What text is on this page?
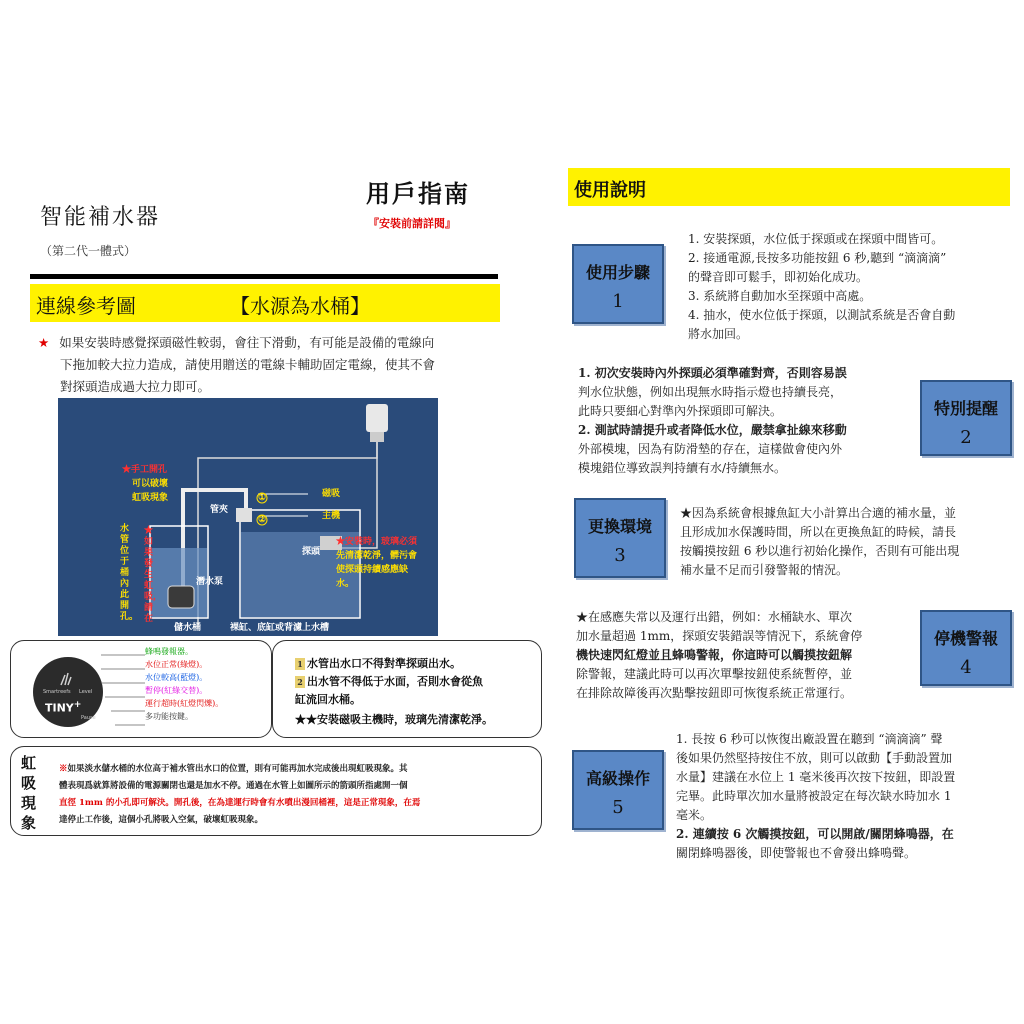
智能補水器
（第二代一體式）
用戶指南
『安裝前請詳閱』
連線參考圖	【水源為水桶】
★ 如果安裝時感覺探頭磁性較弱，會往下滑動，有可能是設備的電線向
下拖加較大拉力造成，請使用贈送的電線卡輔助固定電線，使其不會
對探頭造成過大拉力即可。
★手工開孔
可以破壞
虹吸現象
管夾
磁吸
主機
探頭
潛水泵
儲水桶	裸缸、底缸或背濾上水槽
水管位于桶內此開孔。
★如果發生虹吸，請在
★安裝時，玻璃必須
先清潔乾淨，髒污會
使探頭持續感應缺
水。
①
②
Smartreefs Level
TINY+
Pause
蜂鳴發報器。
水位正常(綠燈)。
水位較高(藍燈)。
暫停(紅綠交替)。
運行超時(紅燈閃爍)。
多功能按鍵。
1 水管出水口不得對準探頭出水。
2 出水管不得低于水面，否則水會從魚
缸流回水桶。
★★安裝磁吸主機時，玻璃先清潔乾淨。
虹
吸
現
象
※如果淡水儲水桶的水位高于補水管出水口的位置，則有可能再加水完成後出現虹吸現象。其
體表現爲就算將設備的電源關閉也還是加水不停。通過在水管上如圖所示的箭頭所指處開一個
直徑 1mm 的小孔即可解決。開孔後，在為達運行時會有水噴出漫回桶裡，這是正常現象，在焉
達停止工作後，這個小孔將吸入空氣，破壞虹吸現象。
使用說明
使用步驟
1
1. 安裝探頭，水位低于探頭或在探頭中間皆可。
2. 接通電源,長按多功能按鈕 6 秒,聽到 “滴滴滴”
的聲音即可鬆手，即初始化成功。
3. 系統將自動加水至探頭中高處。
4. 抽水，使水位低于探頭，以測試系統是否會自動
將水加回。
1. 初次安裝時內外探頭必須準確對齊，否則容易誤
判水位狀態，例如出現無水時指示燈也持續長亮，
此時只要細心對準內外探頭即可解決。
2. 測試時請提升或者降低水位，嚴禁拿扯線來移動
外部模塊，因為有防滑墊的存在，這樣做會使內外
模塊錯位導致誤判持續有水/持續無水。
特別提醒
2
更換環境
3
★因為系統會根據魚缸大小計算出合適的補水量，並
且形成加水保護時間，所以在更換魚缸的時候，請長
按觸摸按鈕 6 秒以進行初始化操作，否則有可能出現
補水量不足而引發警報的情況。
★在感應失常以及運行出錯，例如：水桶缺水、單次
加水量超過 1mm，探頭安裝錯誤等情況下，系統會停
機快速閃紅燈並且蜂鳴警報，你這時可以觸摸按鈕解
除警報，建議此時可以再次單擊按鈕使系統暫停，並
在排除故障後再次點擊按鈕即可恢復系統正常運行。
停機警報
4
高級操作
5
1. 長按 6 秒可以恢復出廠設置在聽到 “滴滴滴” 聲
後如果仍然堅持按住不放，則可以啟動【手動設置加
水量】建議在水位上 1 毫米後再次按下按鈕，即設置
完畢。此時單次加水量將被設定在每次缺水時加水 1
毫米。
2. 連續按 6 次觸摸按鈕，可以開啟/關閉蜂鳴器，在
關閉蜂鳴器後，即使警報也不會發出蜂鳴聲。
